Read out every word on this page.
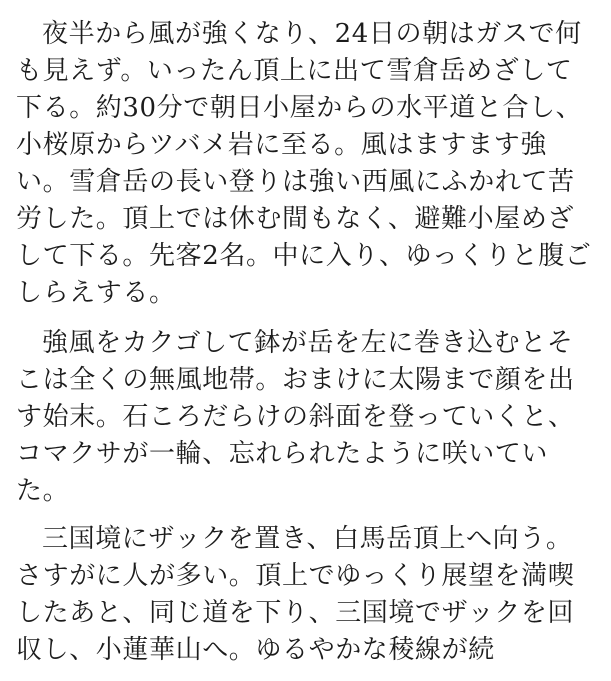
夜半から風が強くなり、24日の朝はガスで何も見えず。いったん頂上に出て雪倉岳めざして下る。約30分で朝日小屋からの水平道と合し、小桜原からツバメ岩に至る。風はますます強い。雪倉岳の長い登りは強い西風にふかれて苦労した。頂上では休む間もなく、避難小屋めざして下る。先客2名。中に入り、ゆっくりと腹ごしらえする。

強風をカクゴして鉢が岳を左に巻き込むとそこは全くの無風地帯。おまけに太陽まで顔を出す始末。石ころだらけの斜面を登っていくと、コマクサが一輪、忘れられたように咲いていた。

三国境にザックを置き、白馬岳頂上へ向う。さすがに人が多い。頂上でゆっくり展望を満喫したあと、同じ道を下り、三国境でザックを回収し、小蓮華山へ。ゆるやかな稜線が続
